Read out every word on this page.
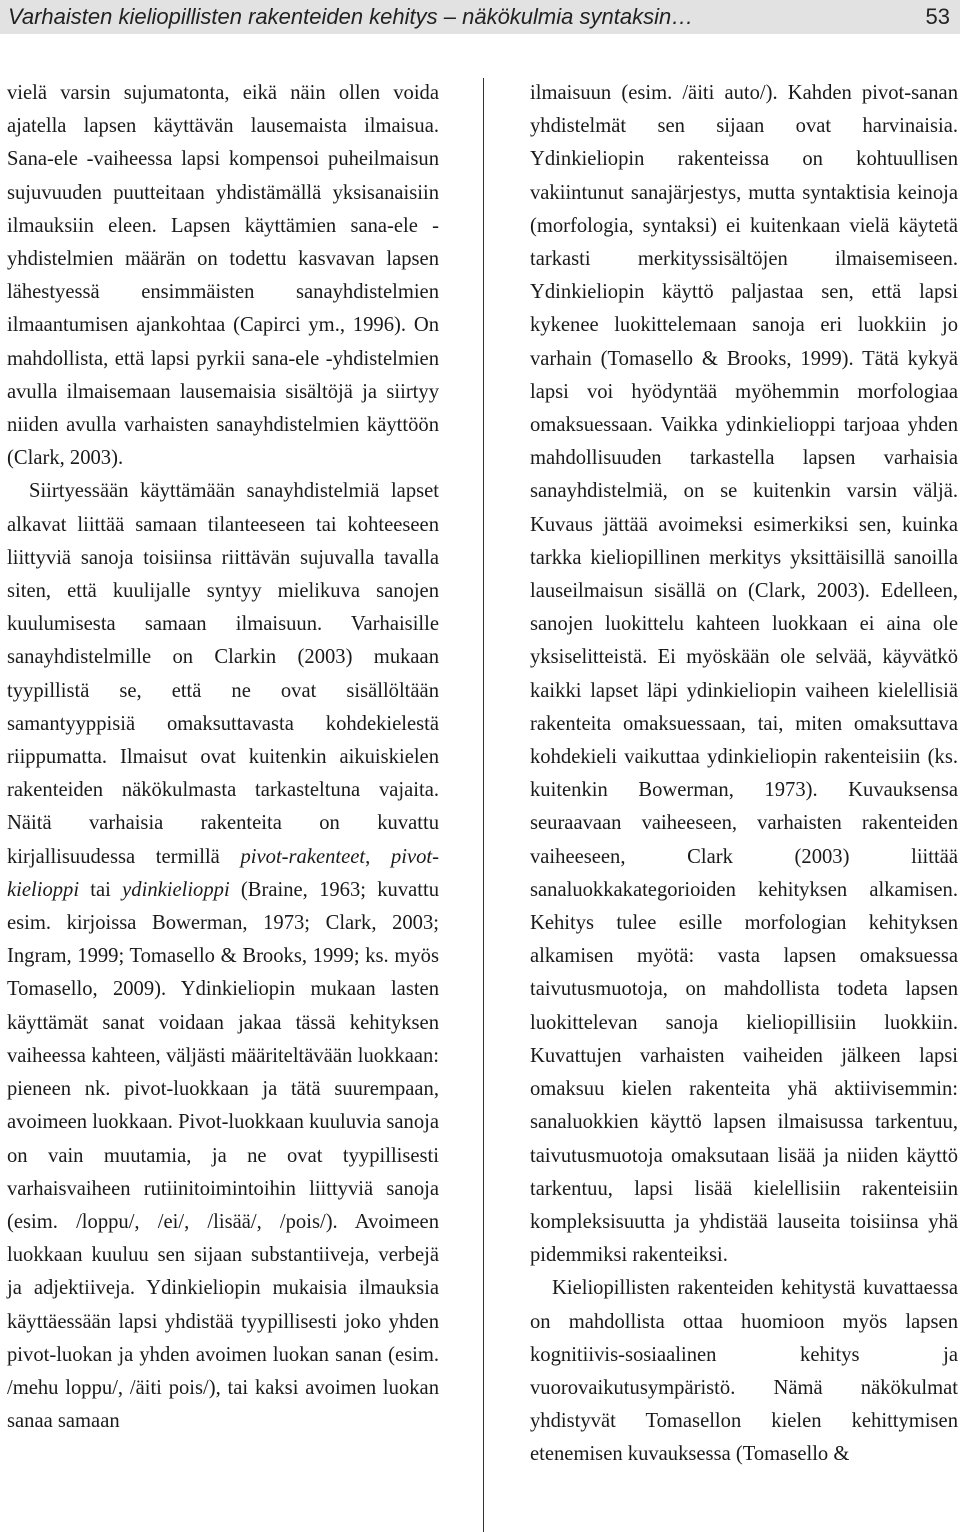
Varhaisten kieliopillisten rakenteiden kehitys – näkökulmia syntaksin…	53

vielä varsin sujumatonta, eikä näin ollen voida ajatella lapsen käyttävän lausemaista ilmaisua. Sana-ele -vaiheessa lapsi kompensoi puheilmaisun sujuvuuden puutteitaan yhdistämällä yksisanaisiin ilmauksiin eleen. Lapsen käyttämien sana-ele -yhdistelmien määrän on todettu kasvavan lapsen lähestyessä ensimmäisten sanayhdistelmien ilmaantumisen ajankohtaa (Capirci ym., 1996). On mahdollista, että lapsi pyrkii sana-ele -yhdistelmien avulla ilmaisemaan lausemaisia sisältöjä ja siirtyy niiden avulla varhaisten sanayhdistelmien käyttöön (Clark, 2003).

Siirtyessään käyttämään sanayhdistelmiä lapset alkavat liittää samaan tilanteeseen tai kohteeseen liittyviä sanoja toisiinsa riittävän sujuvalla tavalla siten, että kuulijalle syntyy mielikuva sanojen kuulumisesta samaan ilmaisuun. Varhaisille sanayhdistelmille on Clarkin (2003) mukaan tyypillistä se, että ne ovat sisällöltään samantyyppisiä omaksuttavasta kohdekielestä riippumatta. Ilmaisut ovat kuitenkin aikuiskielen rakenteiden näkökulmasta tarkasteltuna vajaita. Näitä varhaisia rakenteita on kuvattu kirjallisuudessa termillä pivot-rakenteet, pivot-kielioppi tai ydinkielioppi (Braine, 1963; kuvattu esim. kirjoissa Bowerman, 1973; Clark, 2003; Ingram, 1999; Tomasello & Brooks, 1999; ks. myös Tomasello, 2009). Ydinkieliopin mukaan lasten käyttämät sanat voidaan jakaa tässä kehityksen vaiheessa kahteen, väljästi määriteltävään luokkaan: pieneen nk. pivot-luokkaan ja tätä suurempaan, avoimeen luokkaan. Pivot-luokkaan kuuluvia sanoja on vain muutamia, ja ne ovat tyypillisesti varhaisvaiheen rutiinitoimintoihin liittyviä sanoja (esim. /loppu/, /ei/, /lisää/, /pois/). Avoimeen luokkaan kuuluu sen sijaan substantiiveja, verbejä ja adjektiiveja. Ydinkieliopin mukaisia ilmauksia käyttäessään lapsi yhdistää tyypillisesti joko yhden pivot-luokan ja yhden avoimen luokan sanan (esim. /mehu loppu/, /äiti pois/), tai kaksi avoimen luokan sanaa samaan

ilmaisuun (esim. /äiti auto/). Kahden pivot-sanan yhdistelmät sen sijaan ovat harvinaisia. Ydinkieliopin rakenteissa on kohtuullisen vakiintunut sanajärjestys, mutta syntaktisia keinoja (morfologia, syntaksi) ei kuitenkaan vielä käytetä tarkasti merkityssisältöjen ilmaisemiseen. Ydinkieliopin käyttö paljastaa sen, että lapsi kykenee luokittelemaan sanoja eri luokkiin jo varhain (Tomasello & Brooks, 1999). Tätä kykyä lapsi voi hyödyntää myöhemmin morfologiaa omaksuessaan. Vaikka ydinkielioppi tarjoaa yhden mahdollisuuden tarkastella lapsen varhaisia sanayhdistelmiä, on se kuitenkin varsin väljä. Kuvaus jättää avoimeksi esimerkiksi sen, kuinka tarkka kieliopillinen merkitys yksittäisillä sanoilla lauseilmaisun sisällä on (Clark, 2003). Edelleen, sanojen luokittelu kahteen luokkaan ei aina ole yksiselitteistä. Ei myöskään ole selvää, käyvätkö kaikki lapset läpi ydinkieliopin vaiheen kielellisiä rakenteita omaksuessaan, tai, miten omaksuttava kohdekieli vaikuttaa ydinkieliopin rakenteisiin (ks. kuitenkin Bowerman, 1973). Kuvauksensa seuraavaan vaiheeseen, varhaisten rakenteiden vaiheeseen, Clark (2003) liittää sanaluokkakategorioiden kehityksen alkamisen. Kehitys tulee esille morfologian kehityksen alkamisen myötä: vasta lapsen omaksuessa taivutusmuotoja, on mahdollista todeta lapsen luokittelevan sanoja kieliopillisiin luokkiin. Kuvattujen varhaisten vaiheiden jälkeen lapsi omaksuu kielen rakenteita yhä aktiivisemmin: sanaluokkien käyttö lapsen ilmaisussa tarkentuu, taivutusmuotoja omaksutaan lisää ja niiden käyttö tarkentuu, lapsi lisää kielellisiin rakenteisiin kompleksisuutta ja yhdistää lauseita toisiinsa yhä pidemmiksi rakenteiksi.

Kieliopillisten rakenteiden kehitystä kuvattaessa on mahdollista ottaa huomioon myös lapsen kognitiivis-sosiaalinen kehitys ja vuorovaikutusympäristö. Nämä näkökulmat yhdistyvät Tomasellon kielen kehittymisen etenemisen kuvauksessa (Tomasello &
